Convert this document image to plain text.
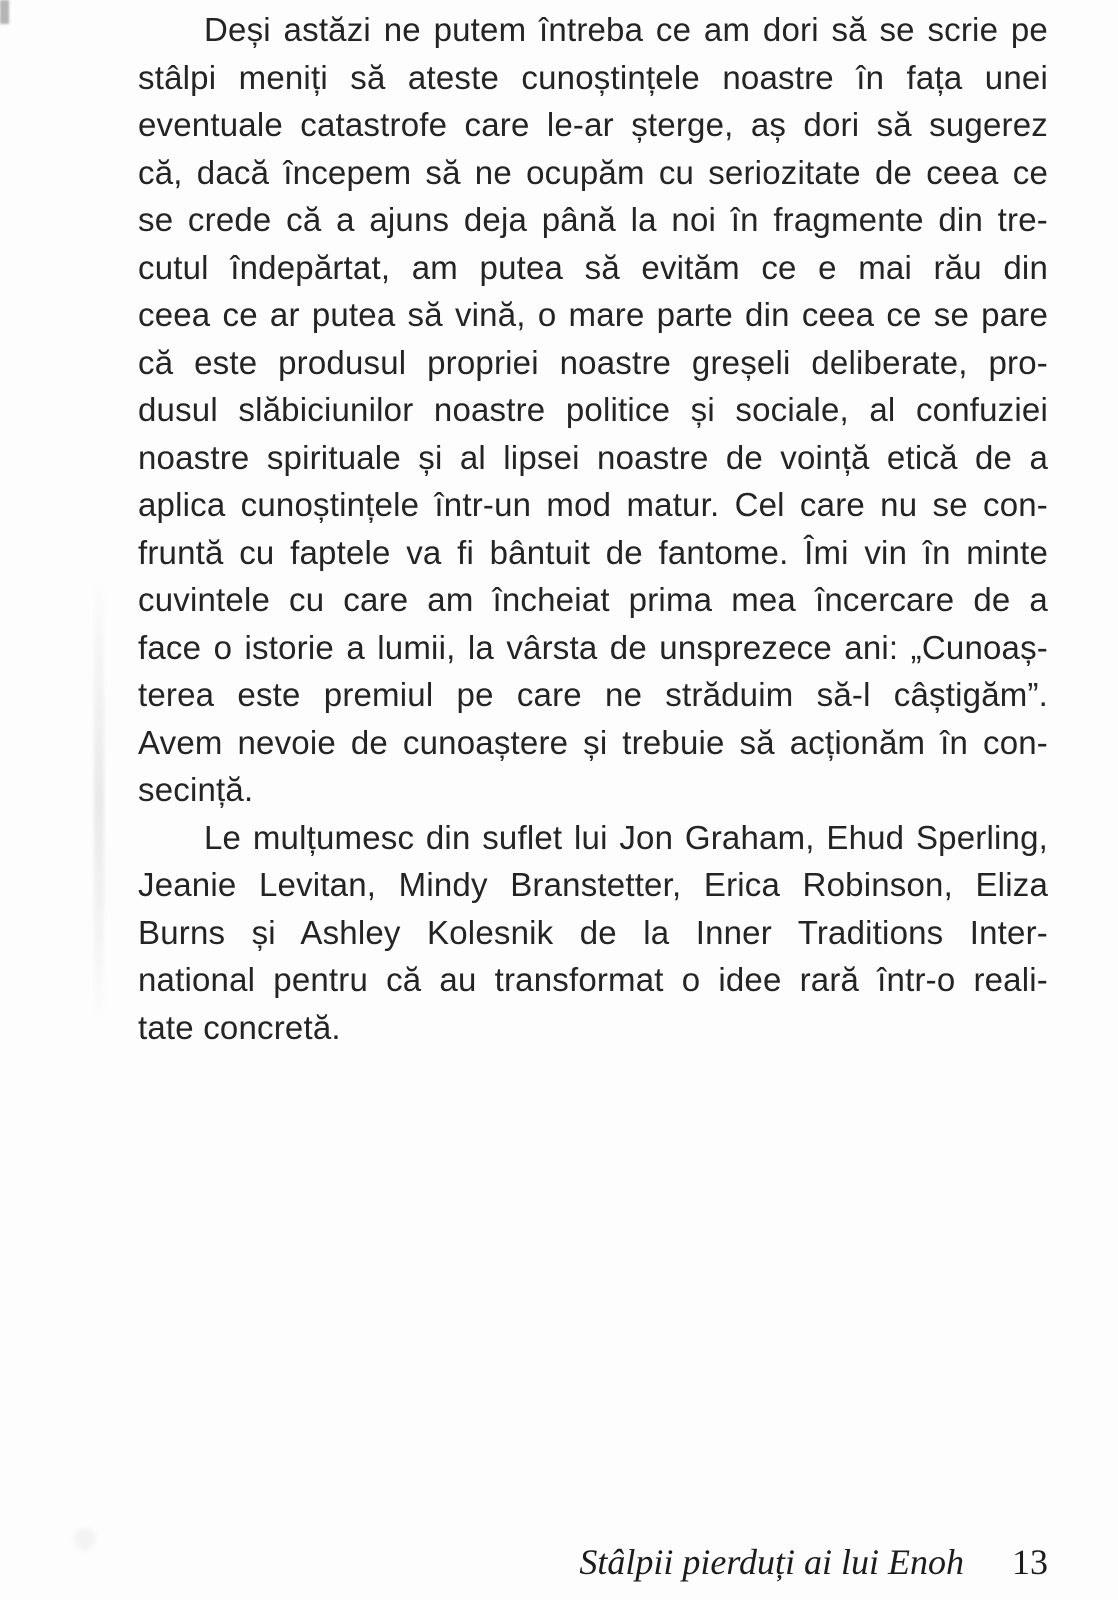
Deși astăzi ne putem întreba ce am dori să se scrie pe
stâlpi meniți să ateste cunoștințele noastre în fața unei
eventuale catastrofe care le-ar șterge, aș dori să sugerez
că, dacă începem să ne ocupăm cu seriozitate de ceea ce
se crede că a ajuns deja până la noi în fragmente din tre-
cutul îndepărtat, am putea să evităm ce e mai rău din
ceea ce ar putea să vină, o mare parte din ceea ce se pare
că este produsul propriei noastre greșeli deliberate, pro-
dusul slăbiciunilor noastre politice și sociale, al confuziei
noastre spirituale și al lipsei noastre de voință etică de a
aplica cunoștințele într-un mod matur. Cel care nu se con-
fruntă cu faptele va fi bântuit de fantome. Îmi vin în minte
cuvintele cu care am încheiat prima mea încercare de a
face o istorie a lumii, la vârsta de unsprezece ani: „Cunoaș-
terea este premiul pe care ne străduim să-l câștigăm”.
Avem nevoie de cunoaștere și trebuie să acționăm în con-
secință.
Le mulțumesc din suflet lui Jon Graham, Ehud Sperling,
Jeanie Levitan, Mindy Branstetter, Erica Robinson, Eliza
Burns și Ashley Kolesnik de la Inner Traditions Inter-
national pentru că au transformat o idee rară într-o reali-
tate concretă.
Stâlpii pierduți ai lui Enoh 13
